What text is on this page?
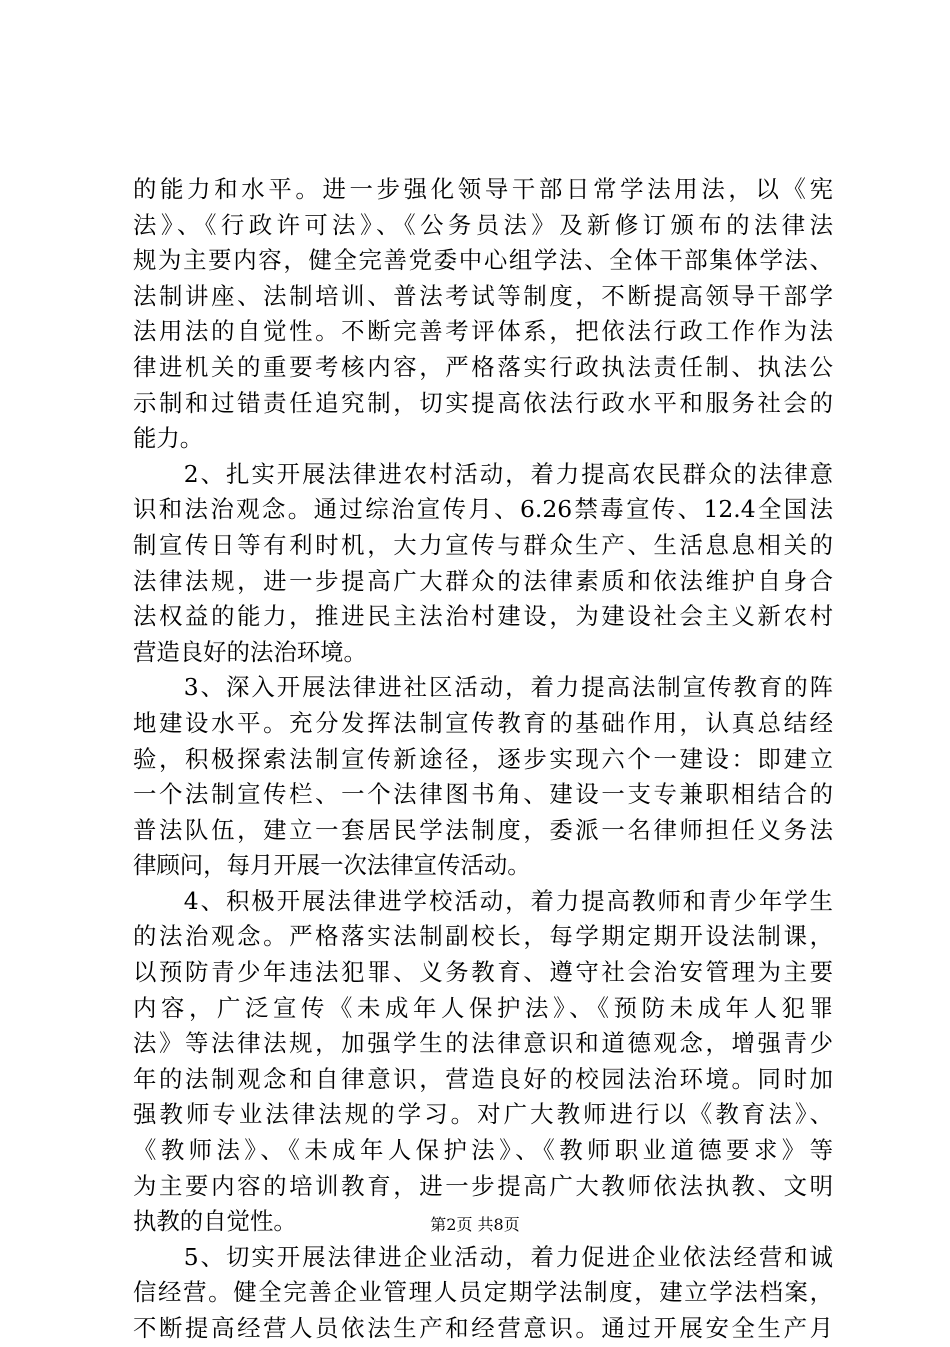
的能力和水平。进一步强化领导干部日常学法用法，以《宪
法》、《行政许可法》、《公务员法》及新修订颁布的法律法
规为主要内容，健全完善党委中心组学法、全体干部集体学法、
法制讲座、法制培训、普法考试等制度，不断提高领导干部学
法用法的自觉性。不断完善考评体系，把依法行政工作作为法
律进机关的重要考核内容，严格落实行政执法责任制、执法公
示制和过错责任追究制，切实提高依法行政水平和服务社会的
能力。
　　2、扎实开展法律进农村活动，着力提高农民群众的法律意
识和法治观念。通过综治宣传月、6.26禁毒宣传、12.4全国法
制宣传日等有利时机，大力宣传与群众生产、生活息息相关的
法律法规，进一步提高广大群众的法律素质和依法维护自身合
法权益的能力，推进民主法治村建设，为建设社会主义新农村
营造良好的法治环境。
　　3、深入开展法律进社区活动，着力提高法制宣传教育的阵
地建设水平。充分发挥法制宣传教育的基础作用，认真总结经
验，积极探索法制宣传新途径，逐步实现六个一建设：即建立
一个法制宣传栏、一个法律图书角、建设一支专兼职相结合的
普法队伍，建立一套居民学法制度，委派一名律师担任义务法
律顾问，每月开展一次法律宣传活动。
　　4、积极开展法律进学校活动，着力提高教师和青少年学生
的法治观念。严格落实法制副校长，每学期定期开设法制课，
以预防青少年违法犯罪、义务教育、遵守社会治安管理为主要
内容，广泛宣传《未成年人保护法》、《预防未成年人犯罪
法》等法律法规，加强学生的法律意识和道德观念，增强青少
年的法制观念和自律意识，营造良好的校园法治环境。同时加
强教师专业法律法规的学习。对广大教师进行以《教育法》、
《教师法》、《未成年人保护法》、《教师职业道德要求》等
为主要内容的培训教育，进一步提高广大教师依法执教、文明
执教的自觉性。
　　5、切实开展法律进企业活动，着力促进企业依法经营和诚
信经营。健全完善企业管理人员定期学法制度，建立学法档案，
不断提高经营人员依法生产和经营意识。通过开展安全生产月
第2页 共8页
